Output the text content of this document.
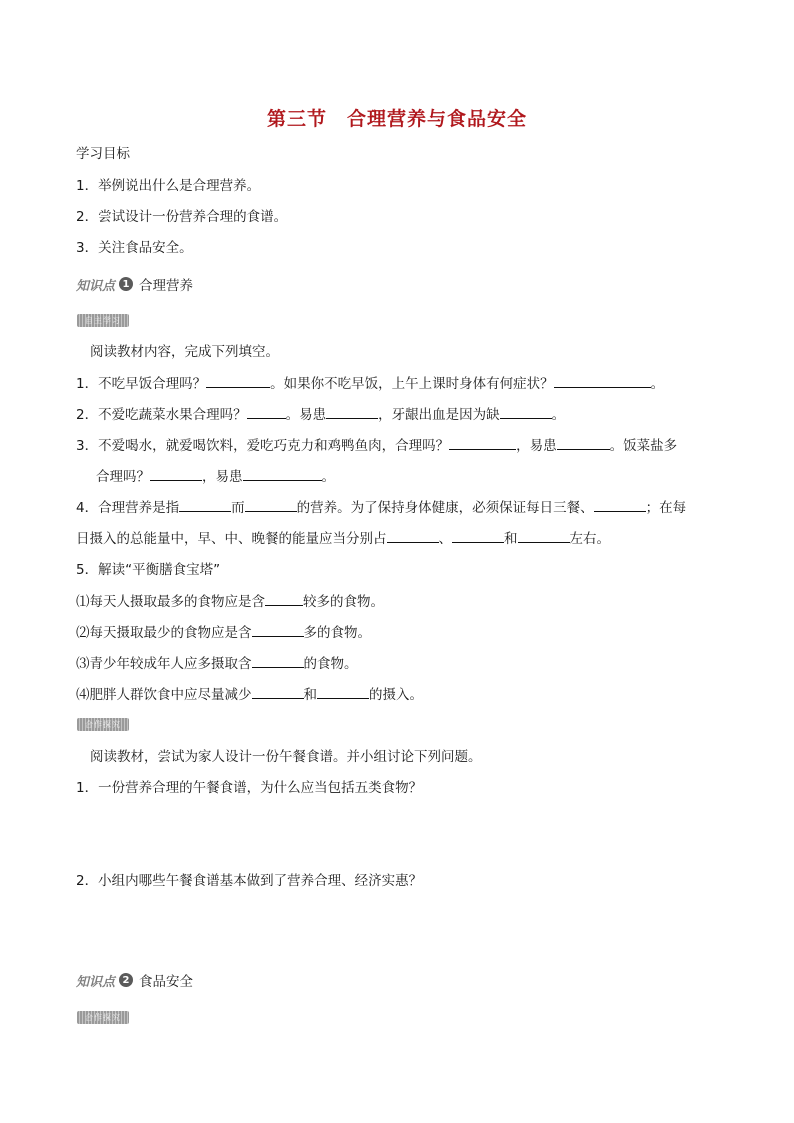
第三节　合理营养与食品安全
学习目标
1．举例说出什么是合理营养。
2．尝试设计一份营养合理的食谱。
3．关注食品安全。
知识点 1 合理营养
自主学习
阅读教材内容，完成下列填空。
1．不吃早饭合理吗？	。如果你不吃早饭，上午上课时身体有何症状？	。
2．不爱吃蔬菜水果合理吗？	。易患	，牙龈出血是因为缺	。
3．不爱喝水，就爱喝饮料，爱吃巧克力和鸡鸭鱼肉，合理吗？	，易患	。饭菜盐多
合理吗？	，易患	。
4．合理营养是指	而	的营养。为了保持身体健康，必须保证每日三餐、	；在每
日摄入的总能量中，早、中、晚餐的能量应当分别占	、	和	左右。
5．解读“平衡膳食宝塔”
⑴每天人摄取最多的食物应是含	较多的食物。
⑵每天摄取最少的食物应是含	多的食物。
⑶青少年较成年人应多摄取含	的食物。
⑷肥胖人群饮食中应尽量减少	和	的摄入。
合作探究
阅读教材，尝试为家人设计一份午餐食谱。并小组讨论下列问题。
1．一份营养合理的午餐食谱，为什么应当包括五类食物？
2．小组内哪些午餐食谱基本做到了营养合理、经济实惠？
知识点 2 食品安全
合作探究
